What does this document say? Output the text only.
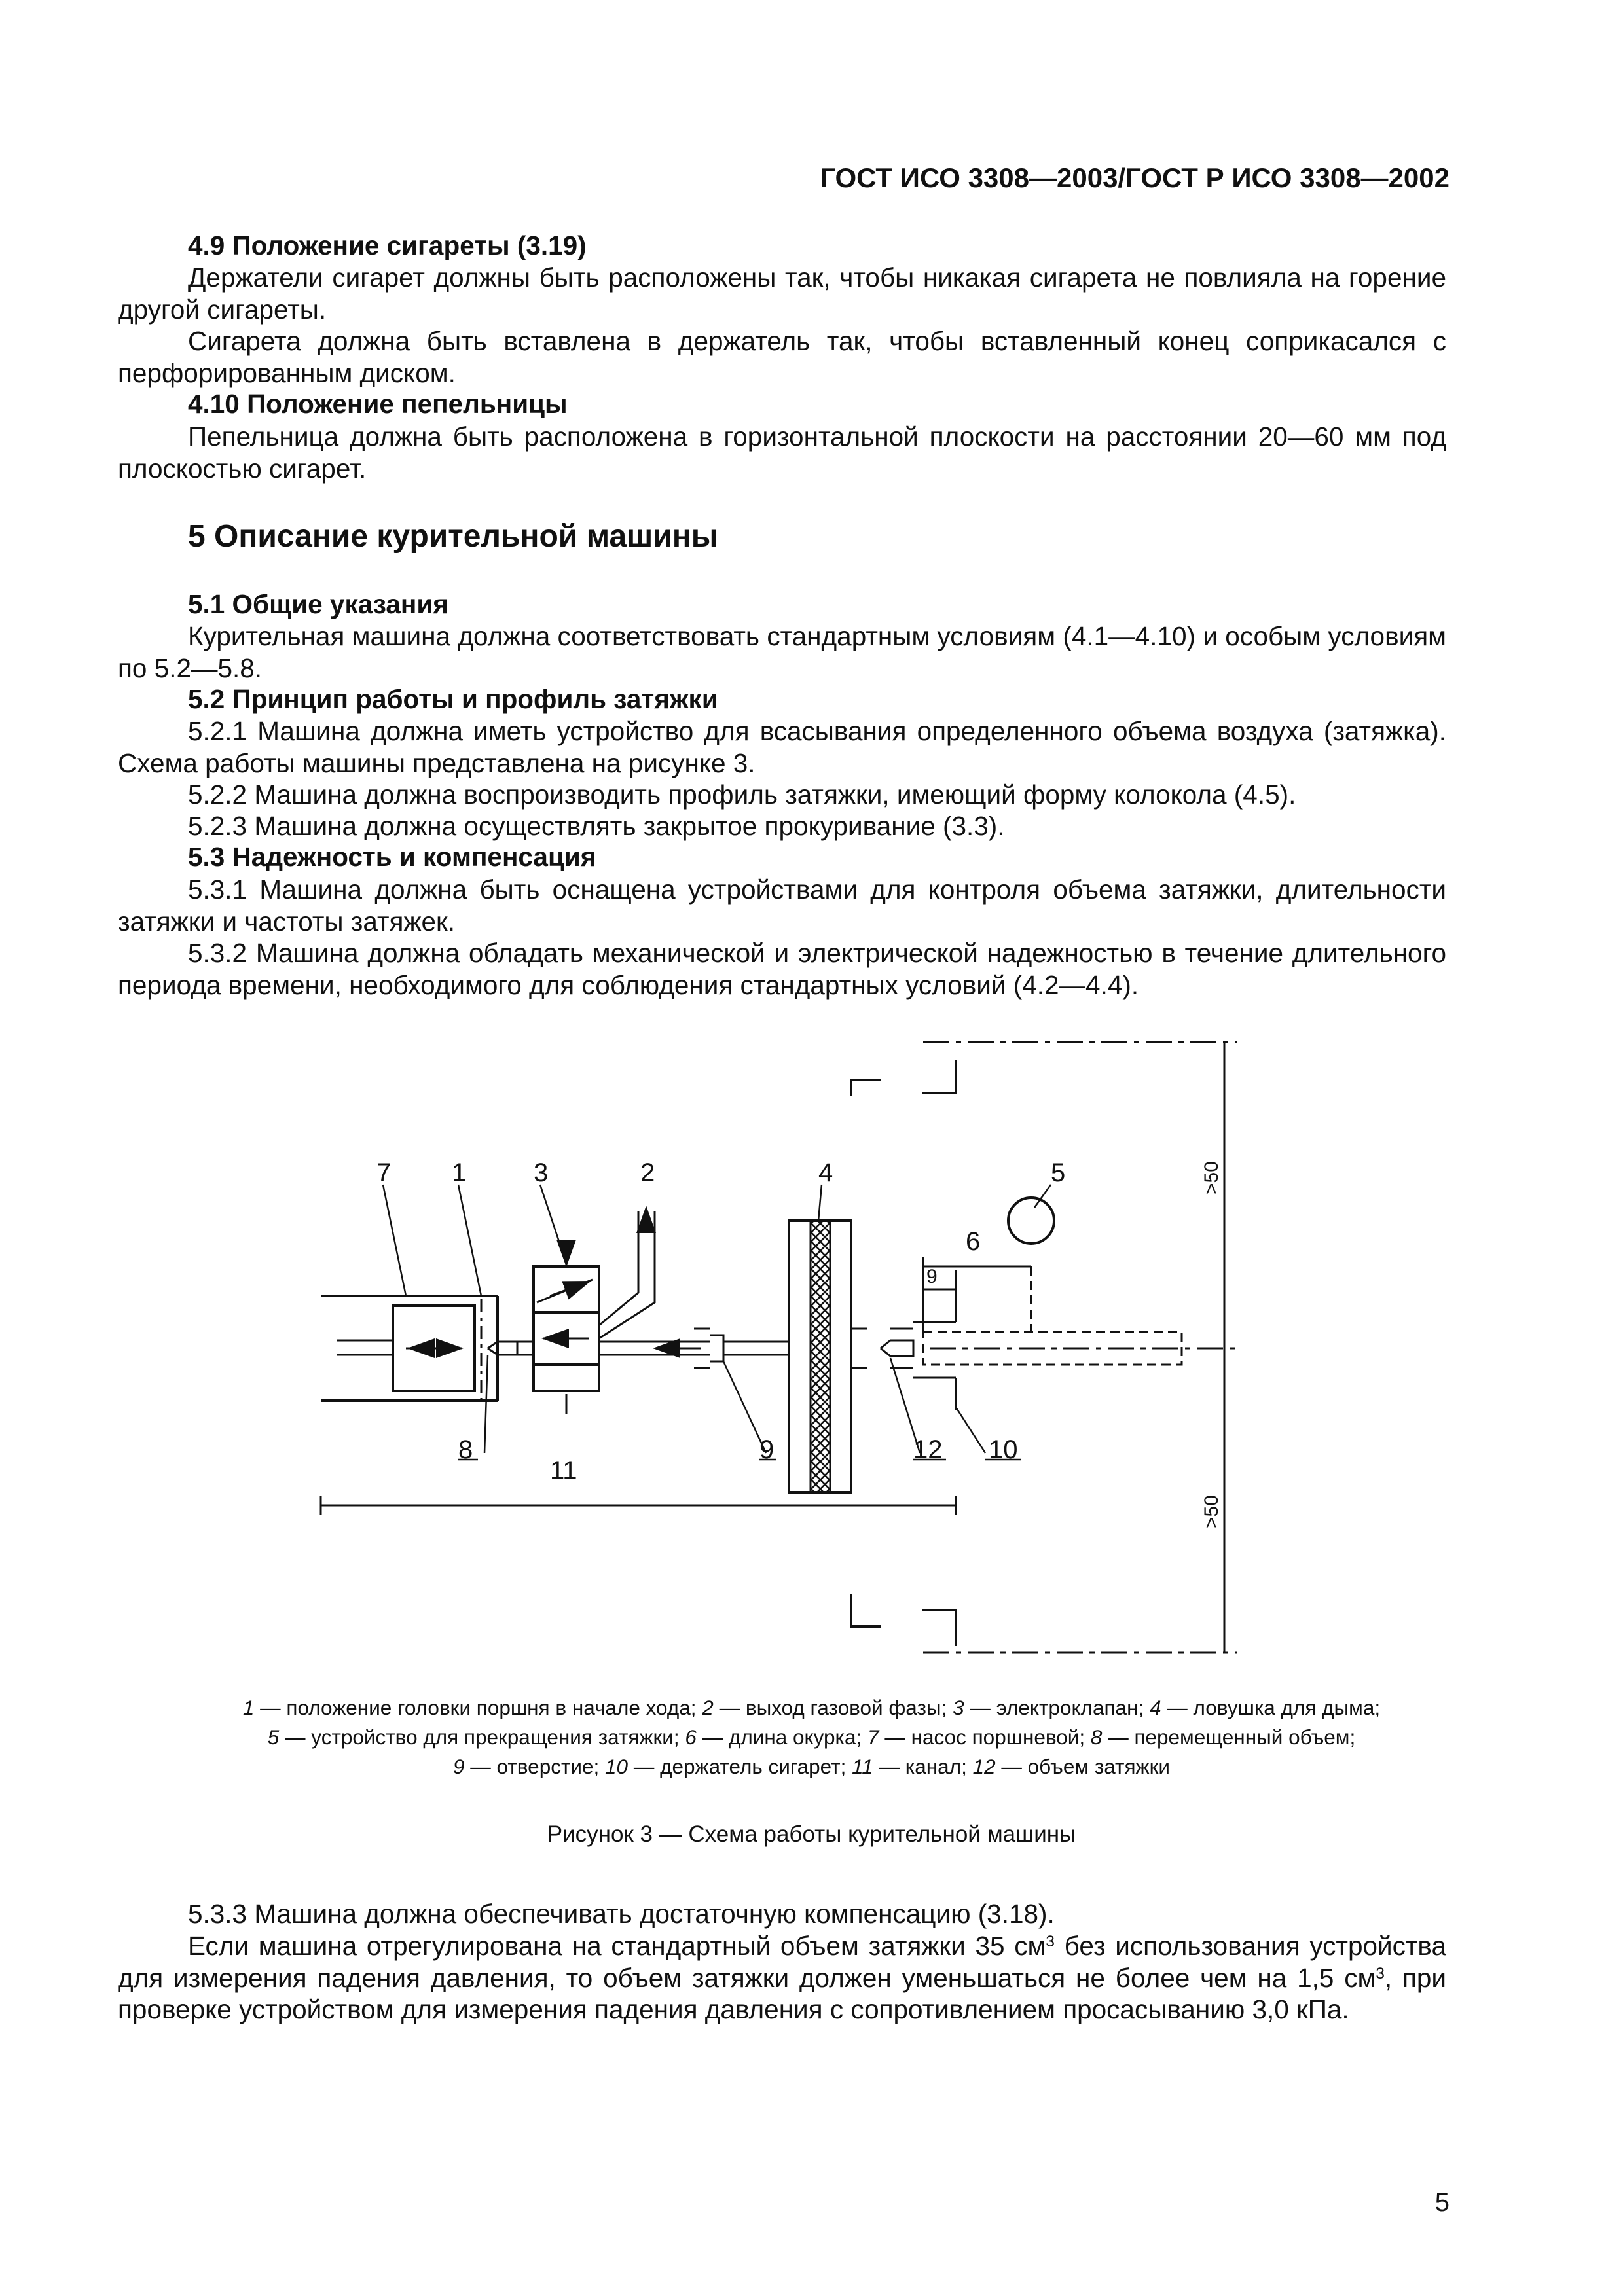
ГОСТ ИСО 3308—2003/ГОСТ Р ИСО 3308—2002
4.9 Положение сигареты (3.19)
Держатели сигарет должны быть расположены так, чтобы никакая сигарета не повлияла на горение другой сигареты.
Сигарета должна быть вставлена в держатель так, чтобы вставленный конец соприкасался с перфорированным диском.
4.10 Положение пепельницы
Пепельница должна быть расположена в горизонтальной плоскости на расстоянии 20—60 мм под плоскостью сигарет.
5 Описание курительной машины
5.1 Общие указания
Курительная машина должна соответствовать стандартным условиям (4.1—4.10) и особым условиям по 5.2—5.8.
5.2 Принцип работы и профиль затяжки
5.2.1 Машина должна иметь устройство для всасывания определенного объема воздуха (затяжка). Схема работы машины представлена на рисунке 3.
5.2.2 Машина должна воспроизводить профиль затяжки, имеющий форму колокола (4.5).
5.2.3 Машина должна осуществлять закрытое прокуривание (3.3).
5.3 Надежность и компенсация
5.3.1 Машина должна быть оснащена устройствами для контроля объема затяжки, длительности затяжки и частоты затяжек.
5.3.2 Машина должна обладать механической и электрической надежностью в течение длительного периода времени, необходимого для соблюдения стандартных условий (4.2—4.4).
7 1	3	2	4	5
6
9
8
11
9	12 10
>50
>50
1 — положение головки поршня в начале хода; 2 — выход газовой фазы; 3 — электроклапан; 4 — ловушка для дыма;
5 — устройство для прекращения затяжки; 6 — длина окурка; 7 — насос поршневой; 8 — перемещенный объем;
9 — отверстие; 10 — держатель сигарет; 11 — канал; 12 — объем затяжки
Рисунок 3 — Схема работы курительной машины
5.3.3 Машина должна обеспечивать достаточную компенсацию (3.18).
Если машина отрегулирована на стандартный объем затяжки 35 $см^3$ без использования устройства для измерения падения давления, то объем затяжки должен уменьшаться не более чем на 1,5 $см^3$, при проверке устройством для измерения падения давления с сопротивлением просасыванию 3,0 кПа.
5
